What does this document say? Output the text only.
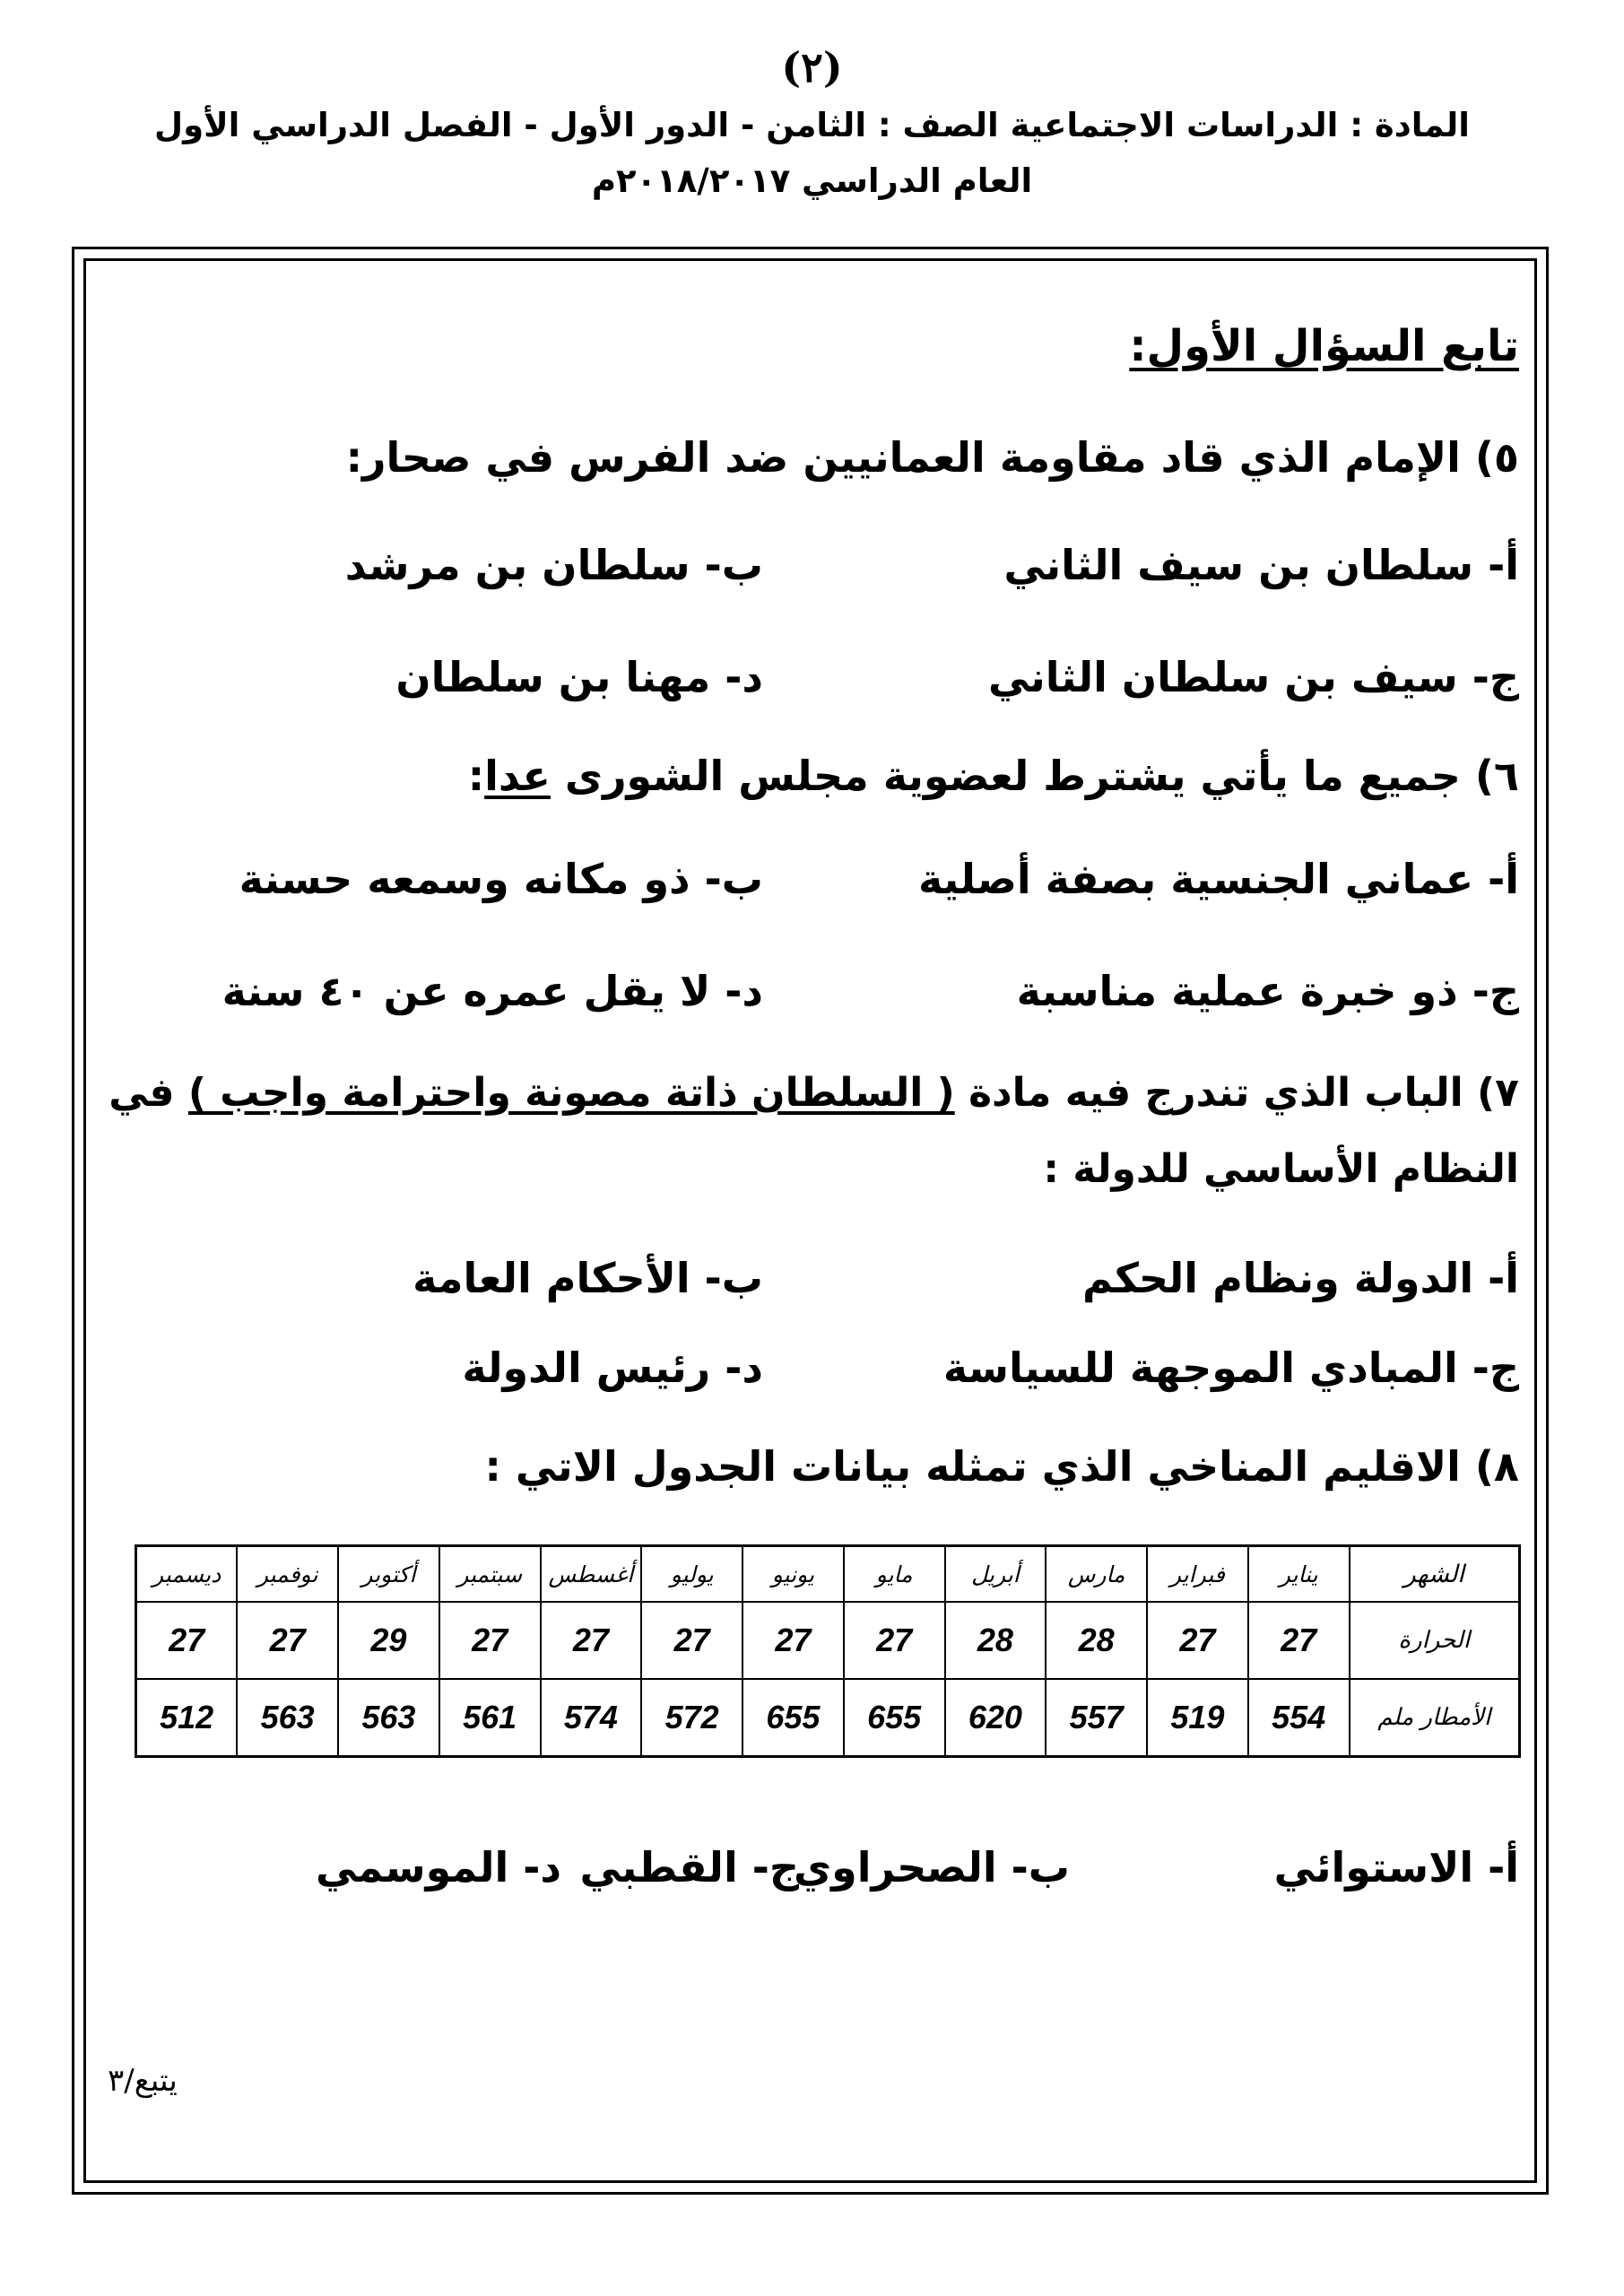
(٢)
المادة : الدراسات الاجتماعية الصف : الثامن - الدور الأول - الفصل الدراسي الأول
العام الدراسي ٢٠١٨/٢٠١٧م
تابع السؤال الأول:
٥) الإمام الذي قاد مقاومة العمانيين ضد الفرس في صحار:
أ- سلطان بن سيف الثاني
ب- سلطان بن مرشد
ج- سيف بن سلطان الثاني
د- مهنا بن سلطان
٦) جميع ما يأتي يشترط لعضوية مجلس الشورى عدا:
أ- عماني الجنسية بصفة أصلية
ب- ذو مكانه وسمعه حسنة
ج- ذو خبرة عملية مناسبة
د- لا يقل عمره عن ٤٠ سنة
٧) الباب الذي تندرج فيه مادة ( السلطان ذاتة مصونة واحترامة واجب ) في
النظام الأساسي للدولة :
أ- الدولة ونظام الحكم
ب- الأحكام العامة
ج- المبادي الموجهة للسياسة
د- رئيس الدولة
٨) الاقليم المناخي الذي تمثله بيانات الجدول الاتي :
الشهر	يناير	فبراير	مارس	أبريل	مايو	يونيو	يوليو	أغسطس	سبتمبر	أكتوبر	نوفمبر	ديسمبر
الحرارة	27	27	28	28	27	27	27	27	27	29	27	27
الأمطار ملم	554	519	557	620	655	655	572	574	561	563	563	512
أ- الاستوائي
ب- الصحراوي
ج- القطبي
د- الموسمي
يتبع/٣
